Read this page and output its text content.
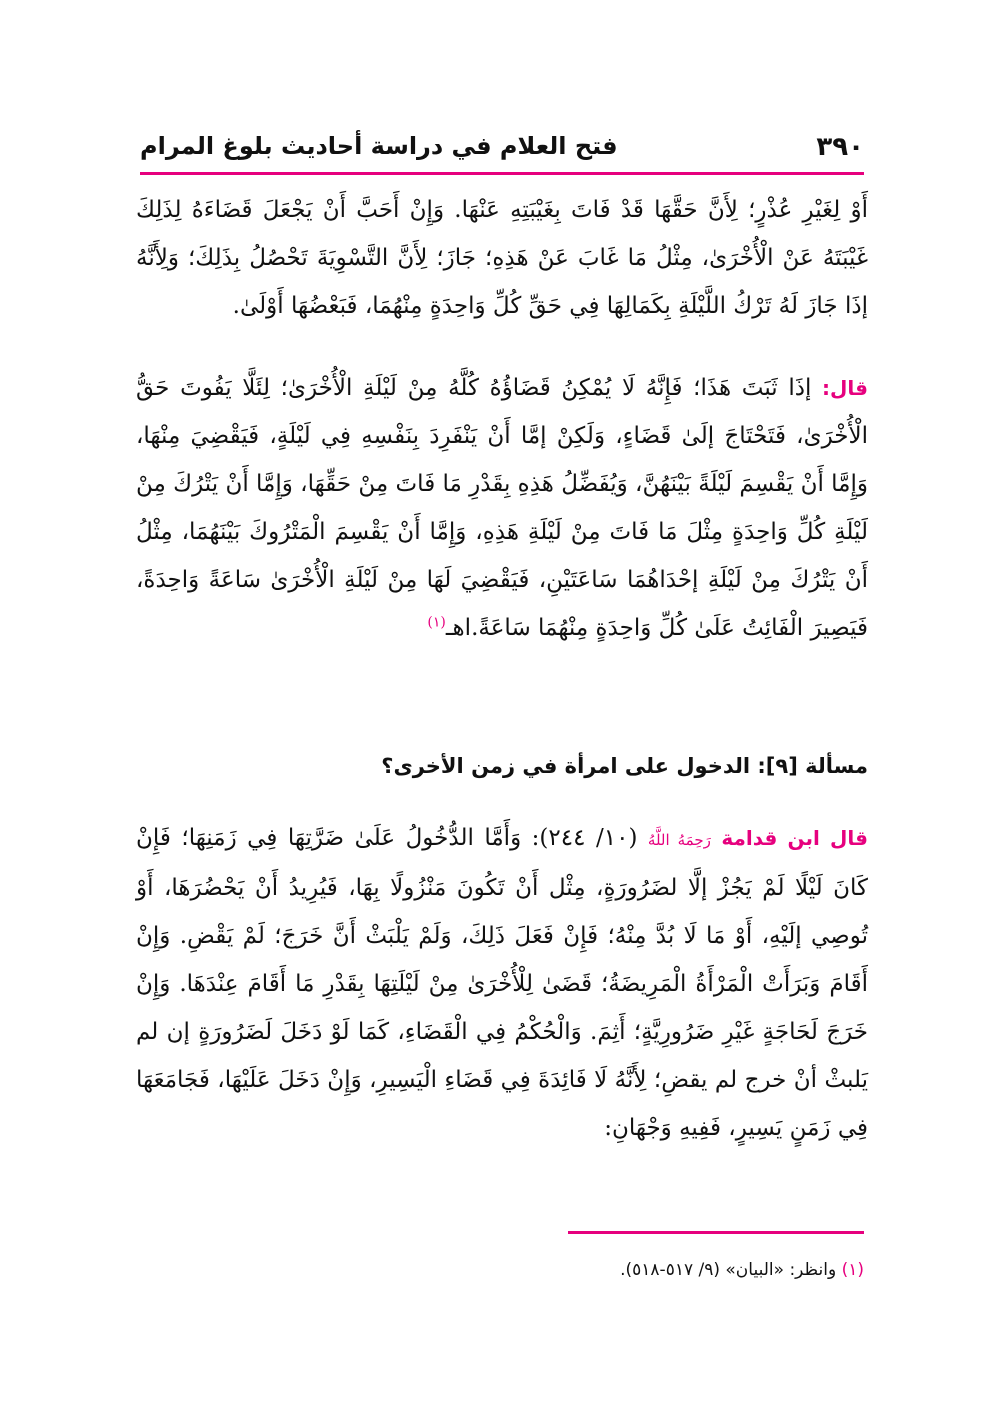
٣٩٠
فتح العلام في دراسة أحاديث بلوغ المرام
أَوْ لِغَيْرِ عُذْرٍ؛ لِأَنَّ حَقَّهَا قَدْ فَاتَ بِغَيْبَتِهِ عَنْهَا. وَإِنْ أَحَبَّ أَنْ يَجْعَلَ قَضَاءَهُ لِذَلِكَ غَيْبَتَهُ عَنْ الْأُخْرَىٰ، مِثْلُ مَا غَابَ عَنْ هَذِهِ؛ جَازَ؛ لِأَنَّ التَّسْوِيَةَ تَحْصُلُ بِذَلِكَ؛ وَلِأَنَّهُ إذَا جَازَ لَهُ تَرْكُ اللَّيْلَةِ بِكَمَالِهَا فِي حَقِّ كُلِّ وَاحِدَةٍ مِنْهُمَا، فَبَعْضُهَا أَوْلَىٰ.
قال: إذَا ثَبَتَ هَذَا؛ فَإِنَّهُ لَا يُمْكِنُ قَضَاؤُهُ كُلَّهُ مِنْ لَيْلَةِ الْأُخْرَىٰ؛ لِئَلَّا يَفُوتَ حَقُّ الْأُخْرَىٰ، فَتَحْتَاجَ إلَىٰ قَضَاءٍ، وَلَكِنْ إمَّا أَنْ يَنْفَرِدَ بِنَفْسِهِ فِي لَيْلَةٍ، فَيَقْضِيَ مِنْهَا، وَإِمَّا أَنْ يَقْسِمَ لَيْلَةً بَيْنَهُنَّ، وَيُفَضِّلُ هَذِهِ بِقَدْرِ مَا فَاتَ مِنْ حَقِّهَا، وَإِمَّا أَنْ يَتْرُكَ مِنْ لَيْلَةِ كُلِّ وَاحِدَةٍ مِثْلَ مَا فَاتَ مِنْ لَيْلَةِ هَذِهِ، وَإِمَّا أَنْ يَقْسِمَ الْمَتْرُوكَ بَيْنَهُمَا، مِثْلُ أَنْ يَتْرُكَ مِنْ لَيْلَةِ إحْدَاهُمَا سَاعَتَيْنِ، فَيَقْضِيَ لَهَا مِنْ لَيْلَةِ الْأُخْرَىٰ سَاعَةً وَاحِدَةً، فَيَصِيرَ الْفَائِتُ عَلَىٰ كُلِّ وَاحِدَةٍ مِنْهُمَا سَاعَةً.اهـ$^{(١)}$
مسألة [٩]: الدخول على امرأة في زمن الأخرى؟
قال ابن قدامة رَحِمَهُ اللَّهُ (١٠/ ٢٤٤): وَأَمَّا الدُّخُولُ عَلَىٰ ضَرَّتِهَا فِي زَمَنِهَا؛ فَإِنْ كَانَ لَيْلًا لَمْ يَجُزْ إلَّا لضَرُورَةٍ، مِثْل أَنْ تَكُونَ مَنْزُولًا بِهَا، فَيُرِيدُ أَنْ يَحْضُرَهَا، أَوْ تُوصِي إلَيْهِ، أَوْ مَا لَا بُدَّ مِنْهُ؛ فَإِنْ فَعَلَ ذَلِكَ، وَلَمْ يَلْبَثْ أَنَّ خَرَجَ؛ لَمْ يَقْضِ. وَإِنْ أَقَامَ وَبَرَأَتْ الْمَرْأَةُ الْمَرِيضَةُ؛ قَضَىٰ لِلْأُخْرَىٰ مِنْ لَيْلَتِهَا بِقَدْرِ مَا أَقَامَ عِنْدَهَا. وَإِنْ خَرَجَ لَحَاجَةٍ غَيْرِ ضَرُورِيَّةٍ؛ أَثِمَ. وَالْحُكْمُ فِي الْقَضَاءِ، كَمَا لَوْ دَخَلَ لَضَرُورَةٍ إن لم يَلبثْ أنْ خرج لم يقضِ؛ لِأَنَّهُ لَا فَائِدَةَ فِي قَضَاءِ الْيَسِيرِ، وَإِنْ دَخَلَ عَلَيْهَا، فَجَامَعَهَا فِي زَمَنٍ يَسِيرٍ، فَفِيهِ وَجْهَانِ:
(١) وانظر: «البيان» (٩/ ٥١٧-٥١٨).
